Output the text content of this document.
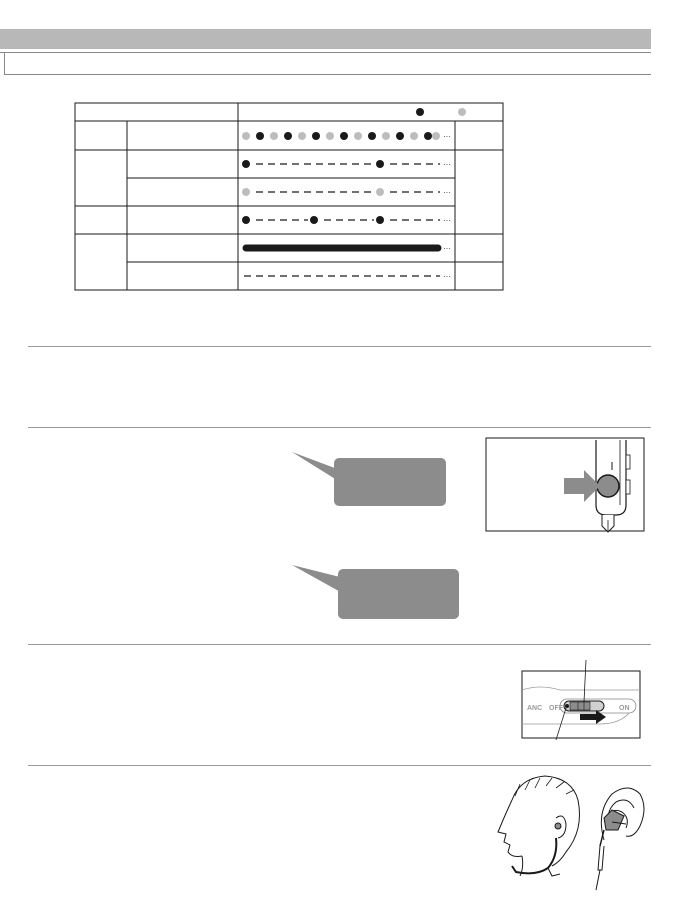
···
···
···
···
···
···
ANC OFF	ON
